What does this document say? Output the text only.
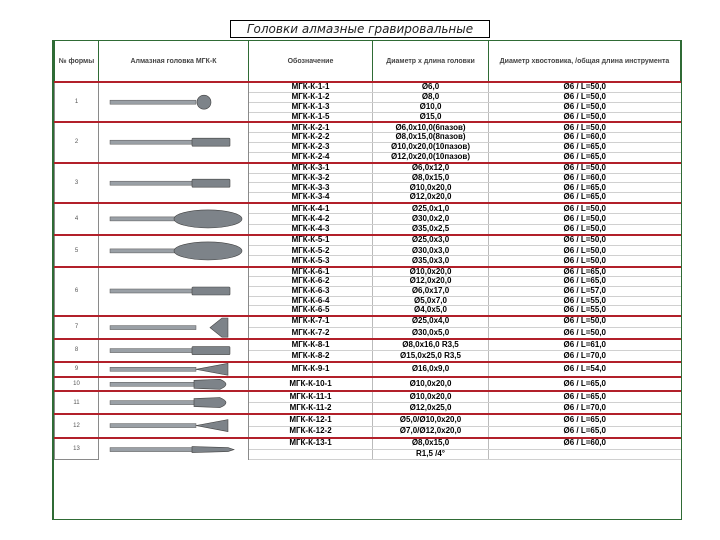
Головки алмазные гравировальные
№ формы	Алмазная головка МГК-К	Обозначение	Диаметр x длина головки	Диаметр хвостовика, /общая длина инструмента
1		МГК-К-1-1	Ø6,0	Ø6 / L=50,0
		МГК-К-1-2	Ø8,0	Ø6 / L=50,0
		МГК-К-1-3	Ø10,0	Ø6 / L=50,0
		МГК-К-1-5	Ø15,0	Ø6 / L=50,0
2		МГК-К-2-1	Ø6,0x10,0(6пазов)	Ø6 / L=50,0
		МГК-К-2-2	Ø8,0x15,0(8пазов)	Ø6 / L=60,0
		МГК-К-2-3	Ø10,0x20,0(10пазов)	Ø6 / L=65,0
		МГК-К-2-4	Ø12,0x20,0(10пазов)	Ø6 / L=65,0
3		МГК-К-3-1	Ø6,0x12,0	Ø6 / L=50,0
		МГК-К-3-2	Ø8,0x15,0	Ø6 / L=60,0
		МГК-К-3-3	Ø10,0x20,0	Ø6 / L=65,0
		МГК-К-3-4	Ø12,0x20,0	Ø6 / L=65,0
4		МГК-К-4-1	Ø25,0x1,0	Ø6 / L=50,0
		МГК-К-4-2	Ø30,0x2,0	Ø6 / L=50,0
		МГК-К-4-3	Ø35,0x2,5	Ø6 / L=50,0
5		МГК-К-5-1	Ø25,0x3,0	Ø6 / L=50,0
		МГК-К-5-2	Ø30,0x3,0	Ø6 / L=50,0
		МГК-К-5-3	Ø35,0x3,0	Ø6 / L=50,0
6		МГК-К-6-1	Ø10,0x20,0	Ø6 / L=65,0
		МГК-К-6-2	Ø12,0x20,0	Ø6 / L=65,0
		МГК-К-6-3	Ø6,0x17,0	Ø6 / L=57,0
		МГК-К-6-4	Ø5,0x7,0	Ø6 / L=55,0
		МГК-К-6-5	Ø4,0x5,0	Ø6 / L=55,0
7		МГК-К-7-1	Ø25,0x4,0	Ø6 / L=50,0
		МГК-К-7-2	Ø30,0x5,0	Ø6 / L=50,0
8		МГК-К-8-1	Ø8,0x16,0 R3,5	Ø6 / L=61,0
		МГК-К-8-2	Ø15,0x25,0 R3,5	Ø6 / L=70,0
9		МГК-К-9-1	Ø16,0x9,0	Ø6 / L=54,0
10		МГК-К-10-1	Ø10,0x20,0	Ø6 / L=65,0
11		МГК-К-11-1	Ø10,0x20,0	Ø6 / L=65,0
		МГК-К-11-2	Ø12,0x25,0	Ø6 / L=70,0
12		МГК-К-12-1	Ø5,0/Ø10,0x20,0	Ø6 / L=65,0
		МГК-К-12-2	Ø7,0/Ø12,0x20,0	Ø6 / L=65,0
13		МГК-К-13-1	Ø8,0x15,0	Ø6 / L=60,0
			R1,5 /4°	
